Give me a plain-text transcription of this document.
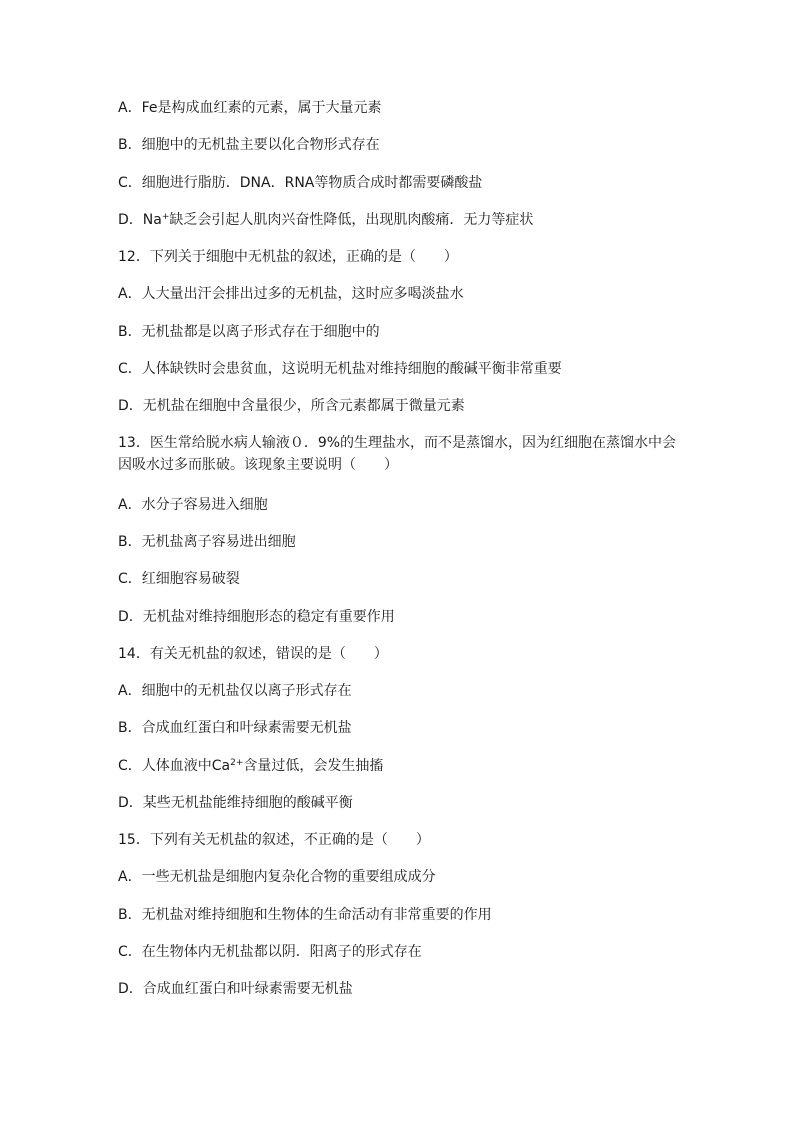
A．Fe是构成血红素的元素，属于大量元素
B．细胞中的无机盐主要以化合物形式存在
C．细胞进行脂肪．DNA．RNA等物质合成时都需要磷酸盐
D．Na+缺乏会引起人肌肉兴奋性降低，出现肌肉酸痛．无力等症状
12．下列关于细胞中无机盐的叙述，正确的是（　　）
A．人大量出汗会排出过多的无机盐，这时应多喝淡盐水
B．无机盐都是以离子形式存在于细胞中的
C．人体缺铁时会患贫血，这说明无机盐对维持细胞的酸碱平衡非常重要
D．无机盐在细胞中含量很少，所含元素都属于微量元素
13．医生常给脱水病人输液０．9%的生理盐水，而不是蒸馏水，因为红细胞在蒸馏水中会因吸水过多而胀破。该现象主要说明（　　）
A．水分子容易进入细胞
B．无机盐离子容易进出细胞
C．红细胞容易破裂
D．无机盐对维持细胞形态的稳定有重要作用
14．有关无机盐的叙述，错误的是（　　）
A．细胞中的无机盐仅以离子形式存在
B．合成血红蛋白和叶绿素需要无机盐
C．人体血液中$Ca^{2+}$含量过低，会发生抽搐
D．某些无机盐能维持细胞的酸碱平衡
15．下列有关无机盐的叙述，不正确的是（　　）
A．一些无机盐是细胞内复杂化合物的重要组成成分
B．无机盐对维持细胞和生物体的生命活动有非常重要的作用
C．在生物体内无机盐都以阴．阳离子的形式存在
D．合成血红蛋白和叶绿素需要无机盐
